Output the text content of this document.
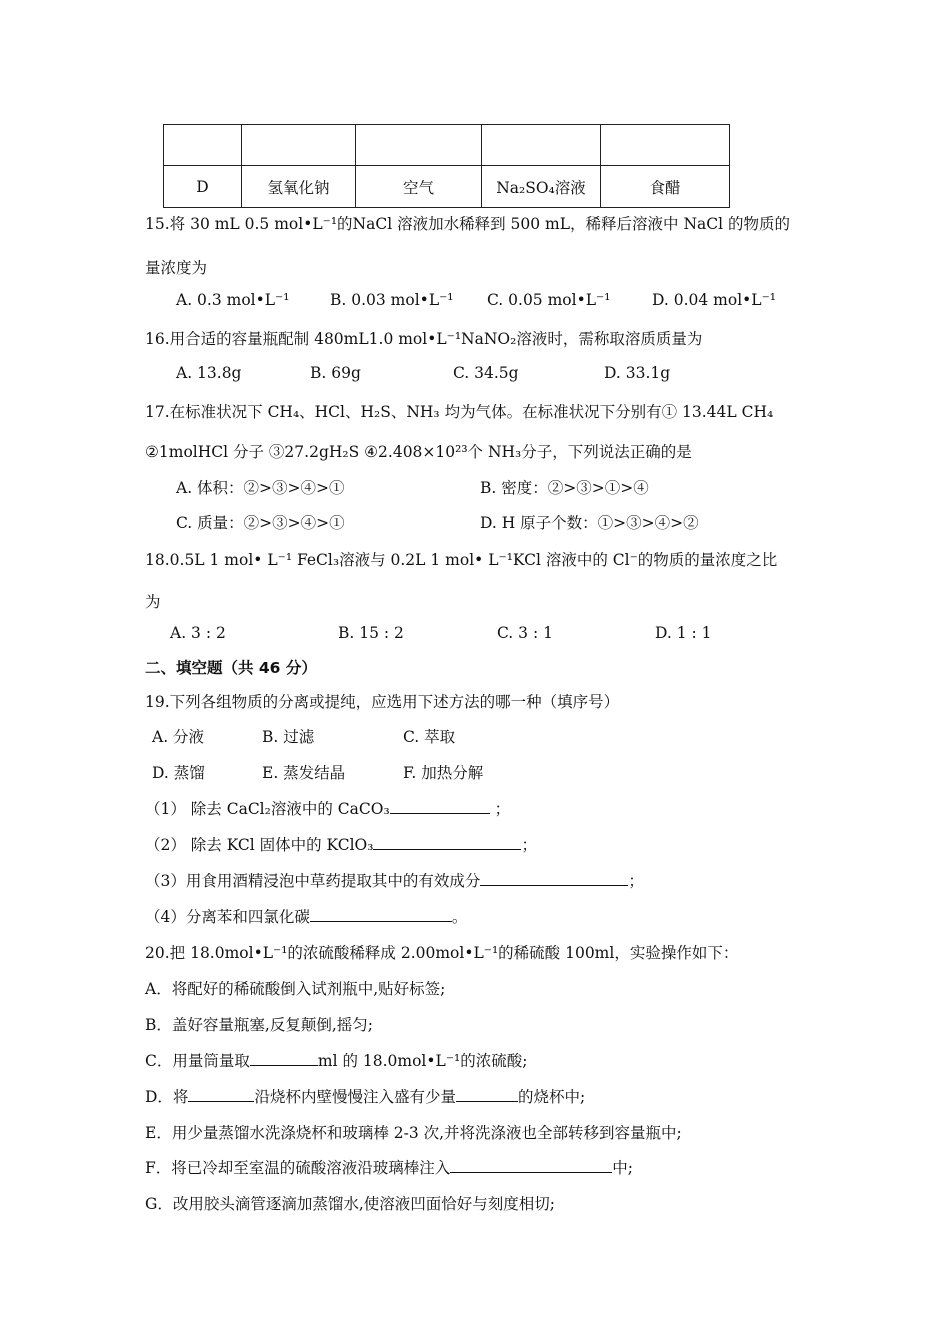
D	氢氧化钠	空气	Na₂SO₄溶液	食醋
15.将 30 mL 0.5 mol•L⁻¹的NaCl 溶液加水稀释到 500 mL，稀释后溶液中 NaCl 的物质的
量浓度为
A. 0.3 mol•L⁻¹	B. 0.03 mol•L⁻¹ C. 0.05 mol•L⁻¹	D. 0.04 mol•L⁻¹
16.用合适的容量瓶配制 480mL1.0 mol•L⁻¹NaNO₂溶液时，需称取溶质质量为
A. 13.8g	B. 69g	C. 34.5g	D. 33.1g
17.在标准状况下 CH₄、HCl、H₂S、NH₃ 均为气体。在标准状况下分别有① 13.44L CH₄
②1molHCl 分子 ③27.2gH₂S ④2.408×10²³个 NH₃分子，下列说法正确的是
A. 体积：②>③>④>①	B. 密度：②>③>①>④
C. 质量：②>③>④>①	D. H 原子个数：①>③>④>②
18.0.5L 1 mol• L⁻¹ FeCl₃溶液与 0.2L 1 mol• L⁻¹KCl 溶液中的 Cl⁻的物质的量浓度之比
为
A. 3 : 2	B. 15 : 2	C. 3 : 1	D. 1 : 1
二、填空题（共 46 分）
19.下列各组物质的分离或提纯，应选用下述方法的哪一种（填序号）
A. 分液	B. 过滤	C. 萃取
D. 蒸馏	E. 蒸发结晶	F. 加热分解
（1） 除去 CaCl₂溶液中的 CaCO₃	；
（2） 除去 KCl 固体中的 KClO₃	；
（3）用食用酒精浸泡中草药提取其中的有效成分	；
（4）分离苯和四氯化碳	。
20.把 18.0mol•L⁻¹的浓硫酸稀释成 2.00mol•L⁻¹的稀硫酸 100ml，实验操作如下：
A．将配好的稀硫酸倒入试剂瓶中,贴好标签;
B．盖好容量瓶塞,反复颠倒,摇匀;
C．用量筒量取	ml 的 18.0mol•L⁻¹的浓硫酸;
D．将	沿烧杯内壁慢慢注入盛有少量	的烧杯中;
E．用少量蒸馏水洗涤烧杯和玻璃棒 2-3 次,并将洗涤液也全部转移到容量瓶中;
F．将已冷却至室温的硫酸溶液沿玻璃棒注入	中;
G．改用胶头滴管逐滴加蒸馏水,使溶液凹面恰好与刻度相切;
